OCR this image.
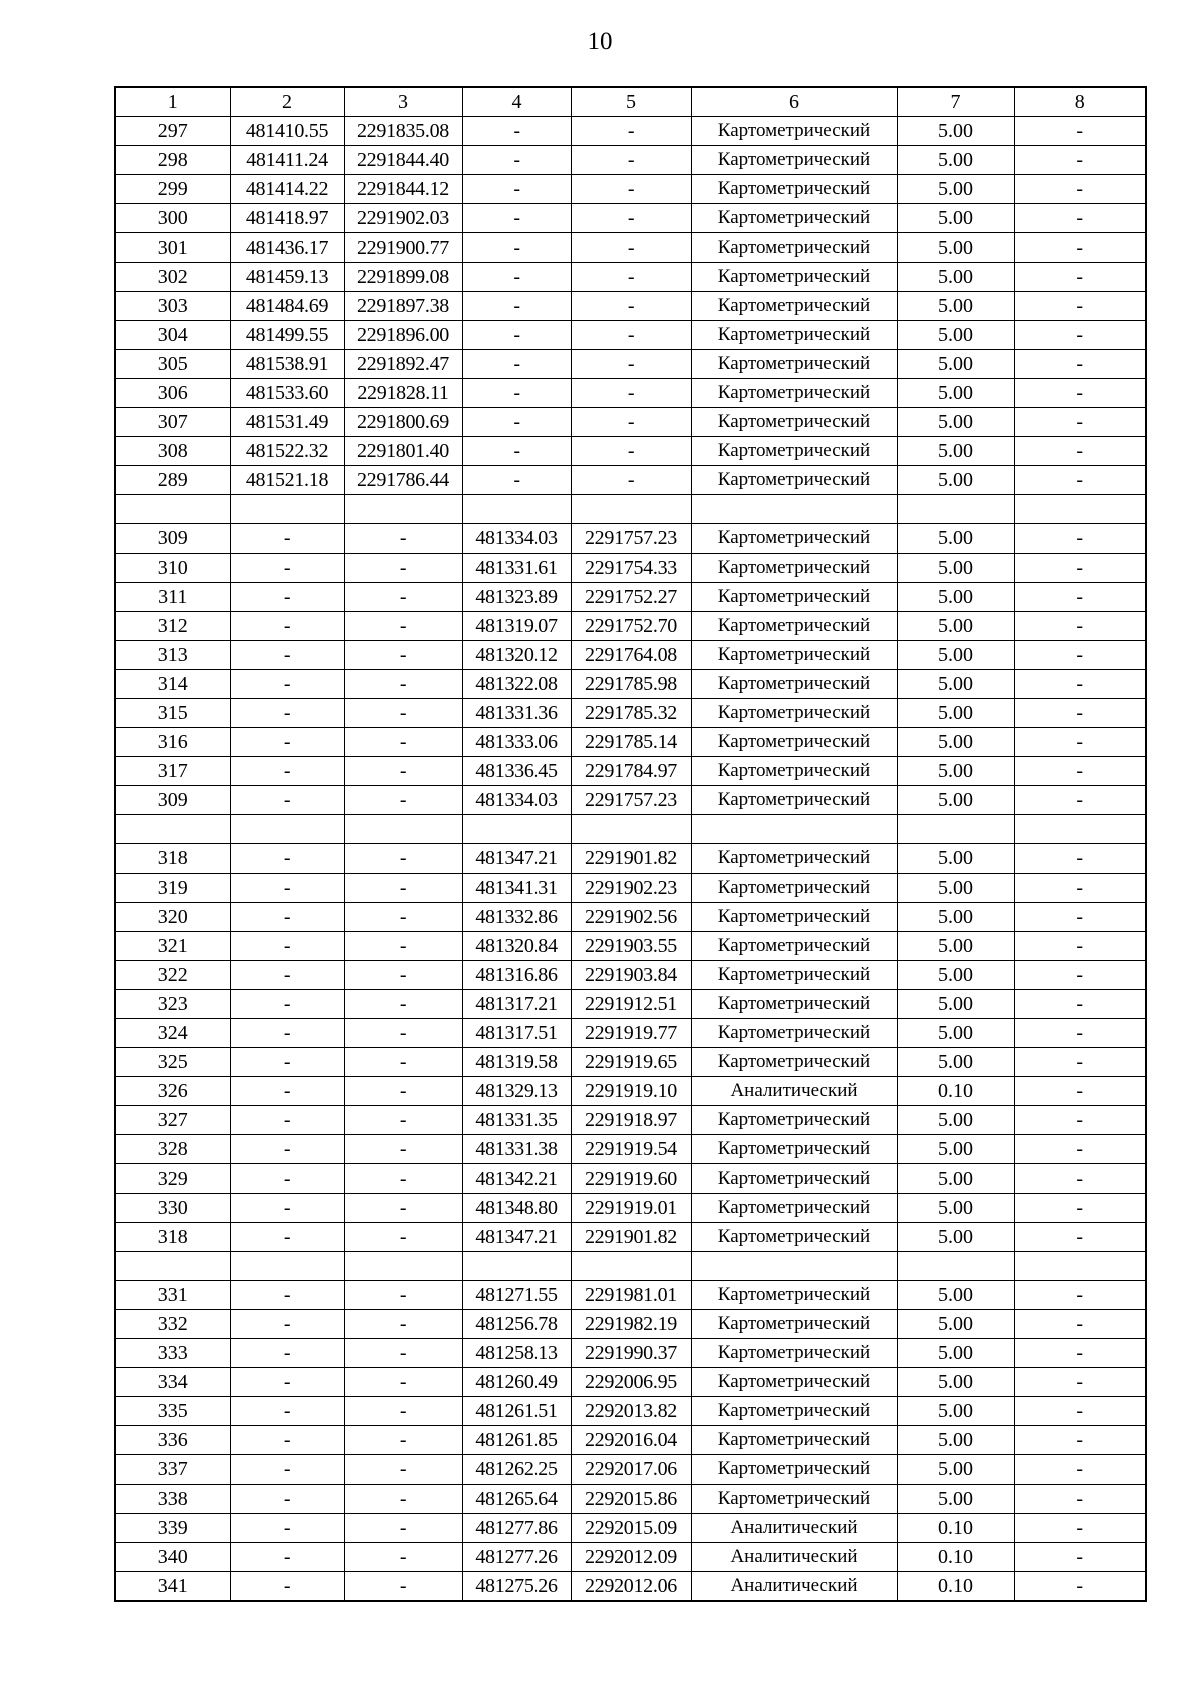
10
1	2	3	4	5	6	7	8
297	481410.55	2291835.08	-	-	Картометрический	5.00	-
298	481411.24	2291844.40	-	-	Картометрический	5.00	-
299	481414.22	2291844.12	-	-	Картометрический	5.00	-
300	481418.97	2291902.03	-	-	Картометрический	5.00	-
301	481436.17	2291900.77	-	-	Картометрический	5.00	-
302	481459.13	2291899.08	-	-	Картометрический	5.00	-
303	481484.69	2291897.38	-	-	Картометрический	5.00	-
304	481499.55	2291896.00	-	-	Картометрический	5.00	-
305	481538.91	2291892.47	-	-	Картометрический	5.00	-
306	481533.60	2291828.11	-	-	Картометрический	5.00	-
307	481531.49	2291800.69	-	-	Картометрический	5.00	-
308	481522.32	2291801.40	-	-	Картометрический	5.00	-
289	481521.18	2291786.44	-	-	Картометрический	5.00	-

309	-	-	481334.03	2291757.23	Картометрический	5.00	-
310	-	-	481331.61	2291754.33	Картометрический	5.00	-
311	-	-	481323.89	2291752.27	Картометрический	5.00	-
312	-	-	481319.07	2291752.70	Картометрический	5.00	-
313	-	-	481320.12	2291764.08	Картометрический	5.00	-
314	-	-	481322.08	2291785.98	Картометрический	5.00	-
315	-	-	481331.36	2291785.32	Картометрический	5.00	-
316	-	-	481333.06	2291785.14	Картометрический	5.00	-
317	-	-	481336.45	2291784.97	Картометрический	5.00	-
309	-	-	481334.03	2291757.23	Картометрический	5.00	-

318	-	-	481347.21	2291901.82	Картометрический	5.00	-
319	-	-	481341.31	2291902.23	Картометрический	5.00	-
320	-	-	481332.86	2291902.56	Картометрический	5.00	-
321	-	-	481320.84	2291903.55	Картометрический	5.00	-
322	-	-	481316.86	2291903.84	Картометрический	5.00	-
323	-	-	481317.21	2291912.51	Картометрический	5.00	-
324	-	-	481317.51	2291919.77	Картометрический	5.00	-
325	-	-	481319.58	2291919.65	Картометрический	5.00	-
326	-	-	481329.13	2291919.10	Аналитический	0.10	-
327	-	-	481331.35	2291918.97	Картометрический	5.00	-
328	-	-	481331.38	2291919.54	Картометрический	5.00	-
329	-	-	481342.21	2291919.60	Картометрический	5.00	-
330	-	-	481348.80	2291919.01	Картометрический	5.00	-
318	-	-	481347.21	2291901.82	Картометрический	5.00	-

331	-	-	481271.55	2291981.01	Картометрический	5.00	-
332	-	-	481256.78	2291982.19	Картометрический	5.00	-
333	-	-	481258.13	2291990.37	Картометрический	5.00	-
334	-	-	481260.49	2292006.95	Картометрический	5.00	-
335	-	-	481261.51	2292013.82	Картометрический	5.00	-
336	-	-	481261.85	2292016.04	Картометрический	5.00	-
337	-	-	481262.25	2292017.06	Картометрический	5.00	-
338	-	-	481265.64	2292015.86	Картометрический	5.00	-
339	-	-	481277.86	2292015.09	Аналитический	0.10	-
340	-	-	481277.26	2292012.09	Аналитический	0.10	-
341	-	-	481275.26	2292012.06	Аналитический	0.10	-
